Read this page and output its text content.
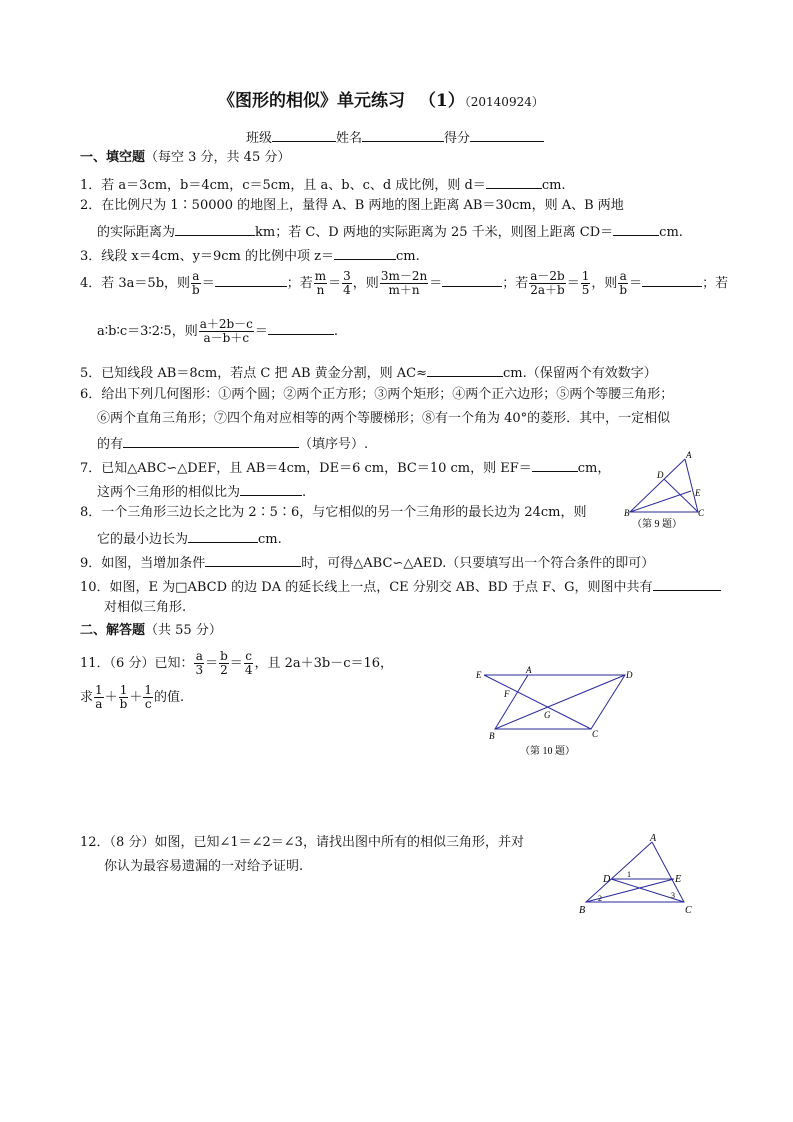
《图形的相似》单元练习 （1）（20140924）
班级	姓名	得分
一、填空题（每空 3 分，共 45 分）
1．若 a＝3cm，b＝4cm，c＝5cm，且 a、b、c、d 成比例，则 d＝	cm.
2．在比例尺为 1∶50000 的地图上，量得 A、B 两地的图上距离 AB＝30cm，则 A、B 两地
的实际距离为	km；若 C、D 两地的实际距离为 25 千米，则图上距离 CD＝	cm.
3．线段 x＝4cm、y＝9cm 的比例中项 z＝	cm.
4．若 3a＝5b，则 $\frac{a}{b}$ ＝	；若 $\frac{m}{n} = \frac{3}{4}$ ，则 $\frac{3m-2n}{m+n}$ ＝	；若 $\frac{a-2b}{2a+b} = \frac{1}{5}$ ，则 $\frac{a}{b}$ ＝	；若
a∶b∶c＝3∶2∶5，则 $\frac{a+2b-c}{a-b+c}$ ＝	.
5．已知线段 AB＝8cm，若点 C 把 AB 黄金分割，则 AC≈	cm.（保留两个有效数字）
6．给出下列几何图形：①两个圆；②两个正方形；③两个矩形；④两个正六边形；⑤两个等腰三角形；
⑥两个直角三角形；⑦四个角对应相等的两个等腰梯形；⑧有一个角为 40°的菱形．其中，一定相似
的有	（填序号）.
7．已知△ABC∽△DEF，且 AB＝4cm，DE＝6 cm，BC＝10 cm，则 EF＝	cm，
这两个三角形的相似比为	.
8．一个三角形三边长之比为 2∶5∶6，与它相似的另一个三角形的最长边为 24cm，则
它的最小边长为	cm.
A
D
E
B	C
（第 9 题）
9．如图，当增加条件	时，可得△ABC∽△AED.（只要填写出一个符合条件的即可）
10．如图，E 为□ABCD 的边 DA 的延长线上一点，CE 分别交 AB、BD 于点 F、G，则图中共有
对相似三角形.
二、解答题（共 55 分）
11．（6 分）已知： $\frac{a}{3} = \frac{b}{2} = \frac{c}{4}$ ，且 2a＋3b－c＝16，
求 $\frac{1}{a} + \frac{1}{b} + \frac{1}{c}$ 的值.
E	A	D
F
G
B	C
（第 10 题）
12．（8 分）如图，已知∠1＝∠2＝∠3，请找出图中所有的相似三角形，并对
你认为最容易遗漏的一对给予证明.
A
D	E
B	C
1
2	3
